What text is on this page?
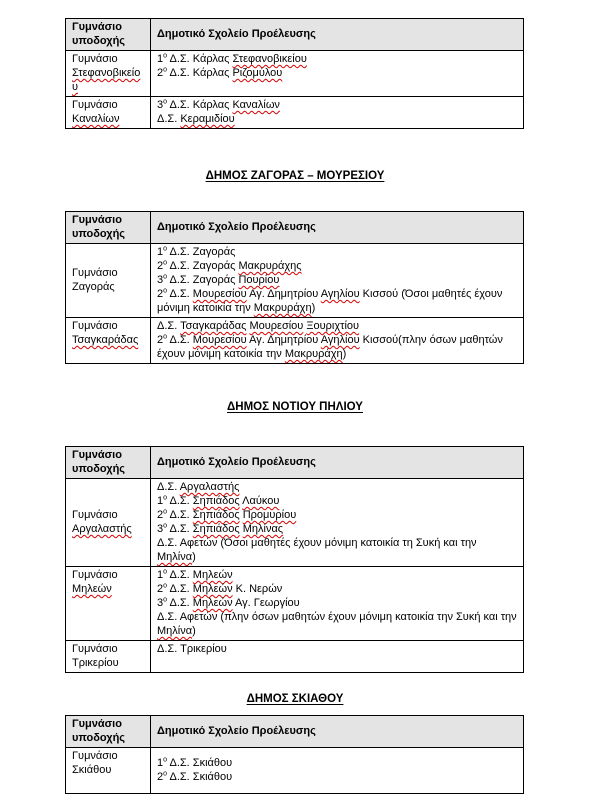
Γυμνάσιο υποδοχής	Δημοτικό Σχολείο Προέλευσης
Γυμνάσιο Στεφανοβικείου	$1^o$ Δ.Σ. Κάρλας Στεφανοβικείου
$2^o$ Δ.Σ. Κάρλας Ριζομύλου

Γυμνάσιο Καναλίων	$3^o$ Δ.Σ. Κάρλας Καναλίων
Δ.Σ. Κεραμιδίου
ΔΗΜΟΣ ΖΑΓΟΡΑΣ – ΜΟΥΡΕΣΙΟΥ
Γυμνάσιο υποδοχής	Δημοτικό Σχολείο Προέλευσης
Γυμνάσιο Ζαγοράς	$1^o$ Δ.Σ. Ζαγοράς
$2^o$ Δ.Σ. Ζαγοράς Μακρυράχης
$3^o$ Δ.Σ. Ζαγοράς Πουρίου
$2^o$ Δ.Σ. Μουρεσίου Αγ. Δημητρίου Αγηλίου Κισσού (Όσοι μαθητές έχουν μόνιμη κατοικία την Μακρυράχη)

Γυμνάσιο Τσαγκαράδας	Δ.Σ. Τσαγκαράδας Μουρεσίου Ξουριχτίου
$2^o$ Δ.Σ. Μουρεσίου Αγ. Δημητρίου Αγηλίου Κισσού(πλην όσων μαθητών έχουν μόνιμη κατοικία την Μακρυράχη)
ΔΗΜΟΣ ΝΟΤΙΟΥ ΠΗΛΙΟΥ
Γυμνάσιο υποδοχής	Δημοτικό Σχολείο Προέλευσης
Γυμνάσιο Αργαλαστής	Δ.Σ. Αργαλαστής
$1^o$ Δ.Σ. Σηπιάδος Λαύκου
$2^o$ Δ.Σ. Σηπιάδος Προμυρίου
$3^o$ Δ.Σ. Σηπιάδος Μηλίνας
Δ.Σ. Αφετών (Όσοι μαθητές έχουν μόνιμη κατοικία τη Συκή και την Μηλίνα)

Γυμνάσιο Μηλεών	$1^o$ Δ.Σ. Μηλεών
$2^o$ Δ.Σ. Μηλεών Κ. Νερών
$3^o$ Δ.Σ. Μηλεών Αγ. Γεωργίου
Δ.Σ. Αφετών (πλην όσων μαθητών έχουν μόνιμη κατοικία την Συκή και την Μηλίνα)

Γυμνάσιο Τρικερίου	Δ.Σ. Τρικερίου
ΔΗΜΟΣ ΣΚΙΑΘΟΥ
Γυμνάσιο υποδοχής	Δημοτικό Σχολείο Προέλευσης
Γυμνάσιο Σκιάθου	$1^o$ Δ.Σ. Σκιάθου
$2^o$ Δ.Σ. Σκιάθου
